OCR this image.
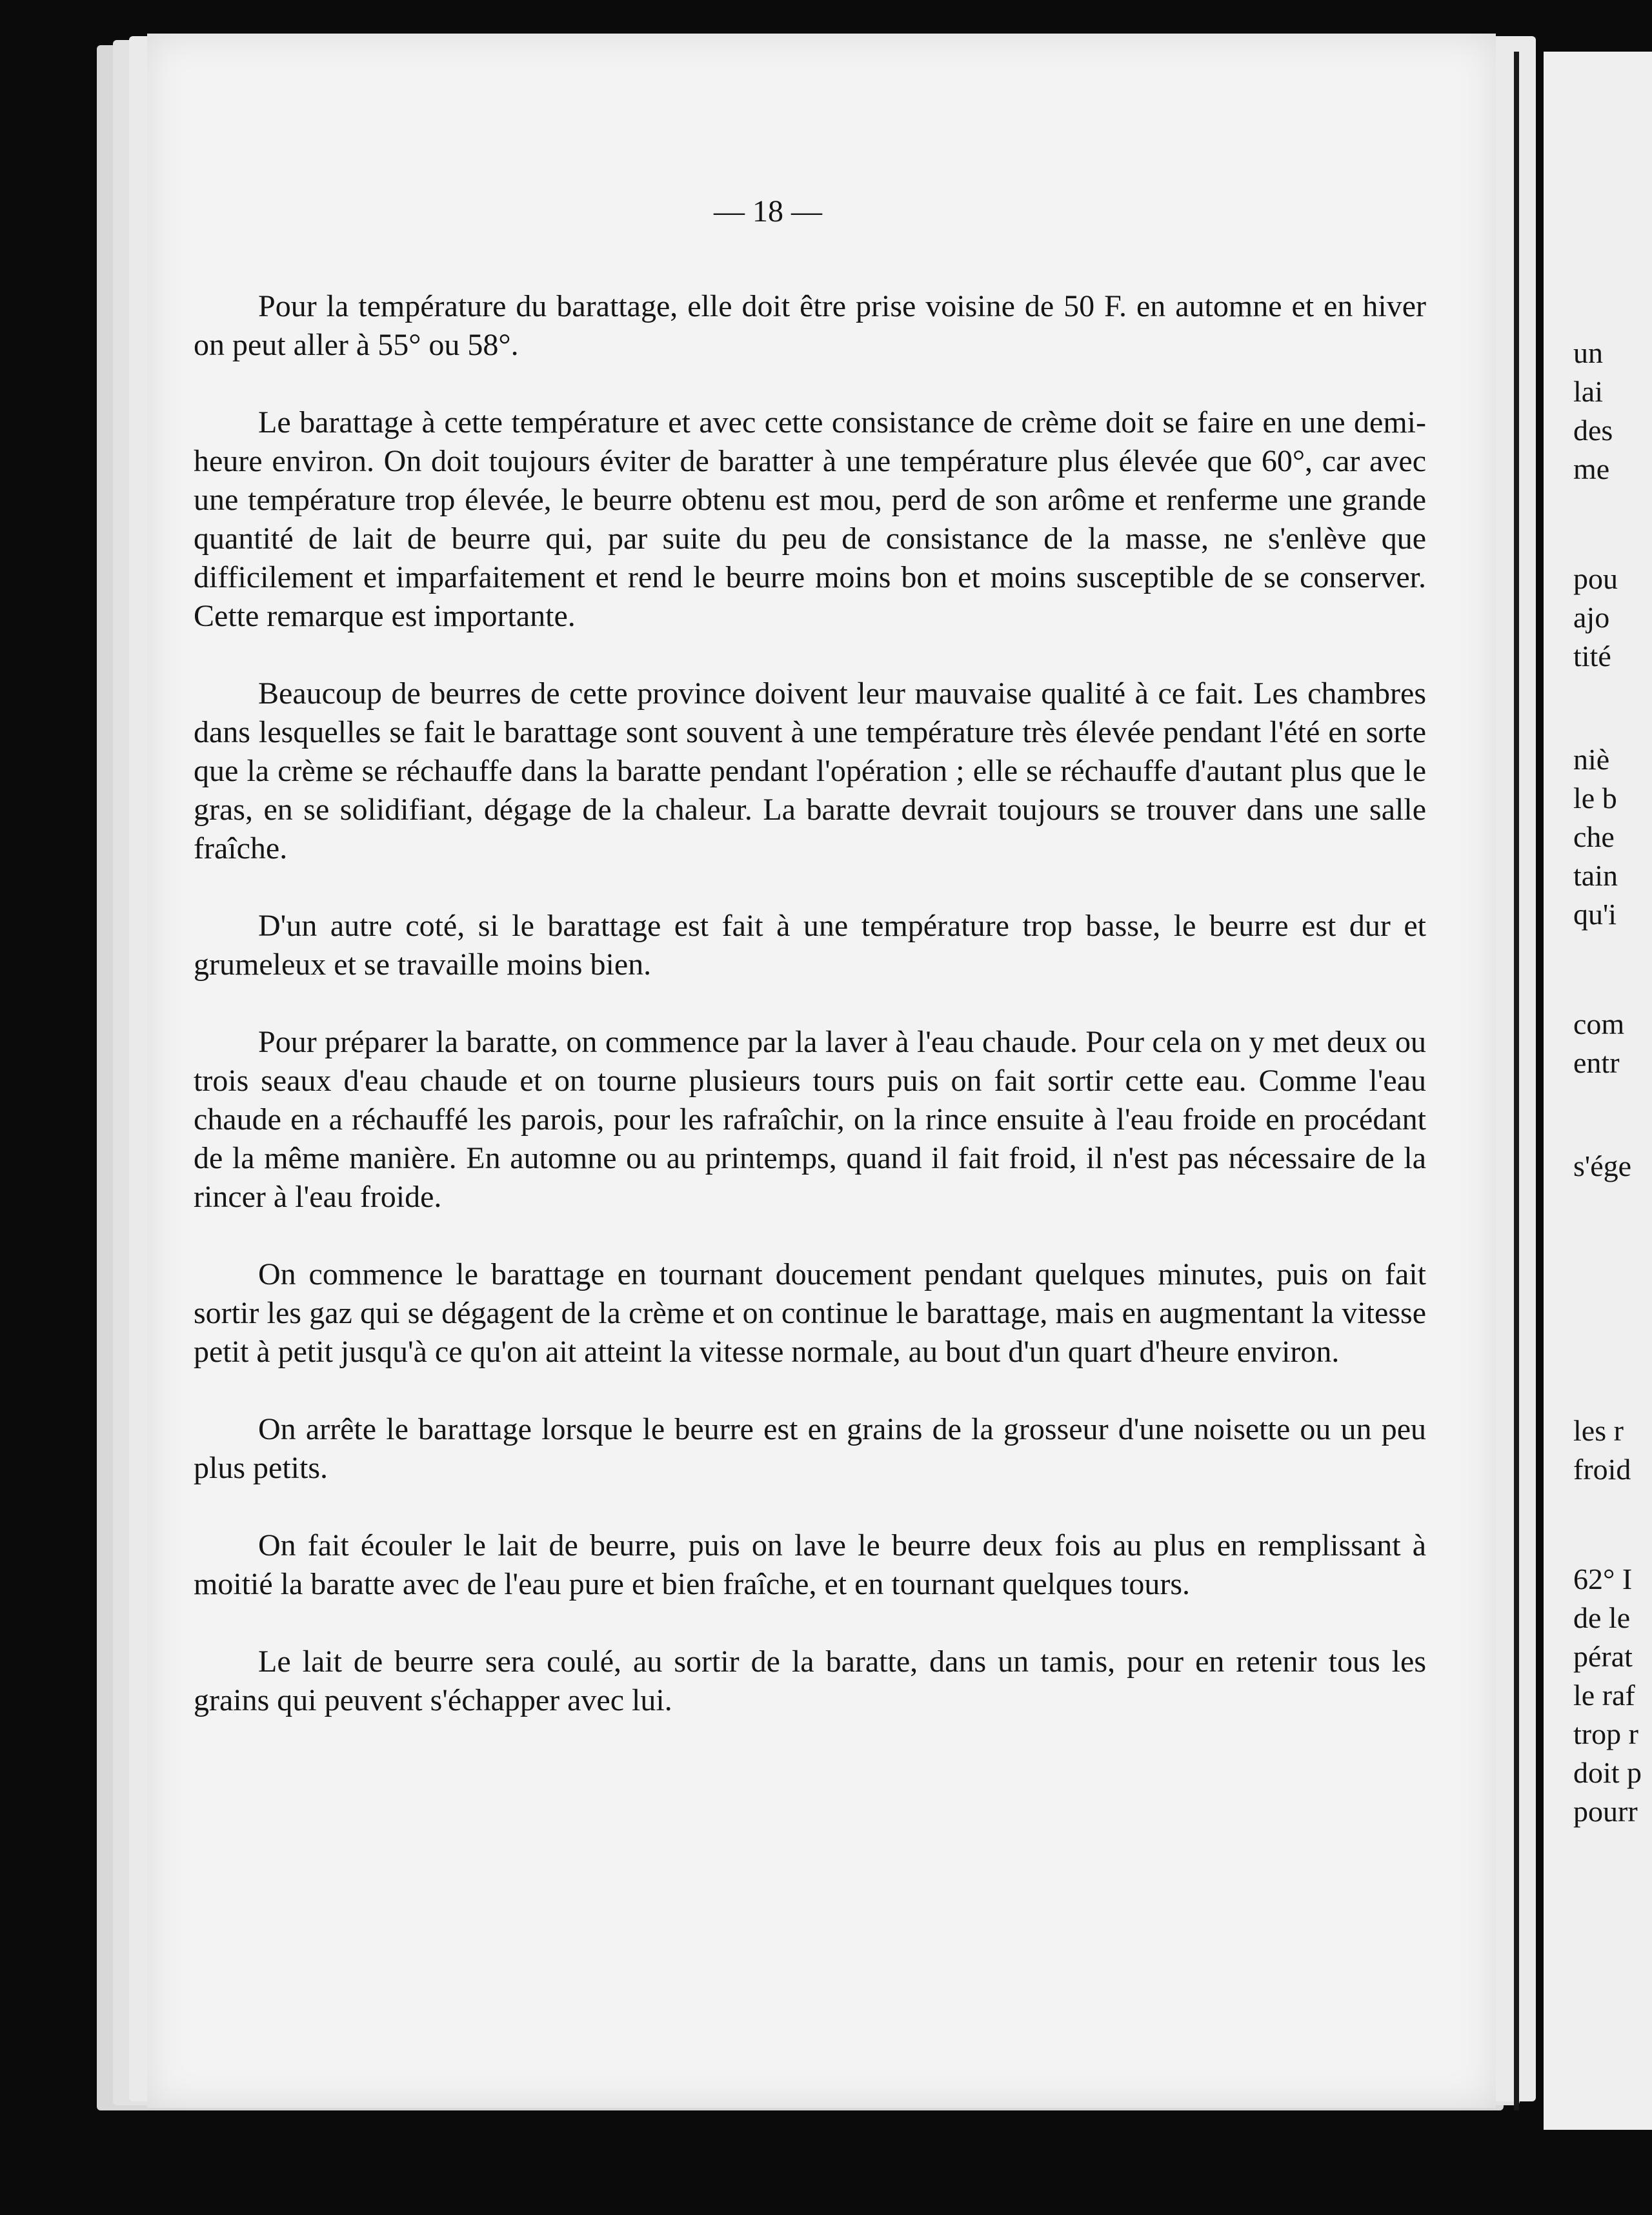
— 18 —

Pour la température du barattage, elle doit être prise voisine de 50 F. en automne et en hiver on peut aller à 55° ou 58°.

Le barattage à cette température et avec cette consistance de crème doit se faire en une demi-heure environ. On doit toujours éviter de baratter à une température plus élevée que 60°, car avec une température trop élevée, le beurre obtenu est mou, perd de son arôme et renferme une grande quantité de lait de beurre qui, par suite du peu de consistance de la masse, ne s'enlève que difficilement et imparfaitement et rend le beurre moins bon et moins susceptible de se conserver. Cette remarque est importante.

Beaucoup de beurres de cette province doivent leur mauvaise qualité à ce fait. Les chambres dans lesquelles se fait le barattage sont souvent à une température très élevée pendant l'été en sorte que la crème se réchauffe dans la baratte pendant l'opération ; elle se réchauffe d'autant plus que le gras, en se solidifiant, dégage de la chaleur. La baratte devrait toujours se trouver dans une salle fraîche.

D'un autre coté, si le barattage est fait à une température trop basse, le beurre est dur et grumeleux et se travaille moins bien.

Pour préparer la baratte, on commence par la laver à l'eau chaude. Pour cela on y met deux ou trois seaux d'eau chaude et on tourne plusieurs tours puis on fait sortir cette eau. Comme l'eau chaude en a réchauffé les parois, pour les rafraîchir, on la rince ensuite à l'eau froide en procédant de la même manière. En automne ou au printemps, quand il fait froid, il n'est pas nécessaire de la rincer à l'eau froide.

On commence le barattage en tournant doucement pendant quelques minutes, puis on fait sortir les gaz qui se dégagent de la crème et on continue le barattage, mais en augmentant la vitesse petit à petit jusqu'à ce qu'on ait atteint la vitesse normale, au bout d'un quart d'heure environ.

On arrête le barattage lorsque le beurre est en grains de la grosseur d'une noisette ou un peu plus petits.

On fait écouler le lait de beurre, puis on lave le beurre deux fois au plus en remplissant à moitié la baratte avec de l'eau pure et bien fraîche, et en tournant quelques tours.

Le lait de beurre sera coulé, au sortir de la baratte, dans un tamis, pour en retenir tous les grains qui peuvent s'échapper avec lui.

un
lai
des
me
pou
ajo
tité
niè
le b
che
tain
qu'i
com
entr
s'ége
les r
froid
62° I
de le
pérat
le raf
trop r
doit p
pourr
